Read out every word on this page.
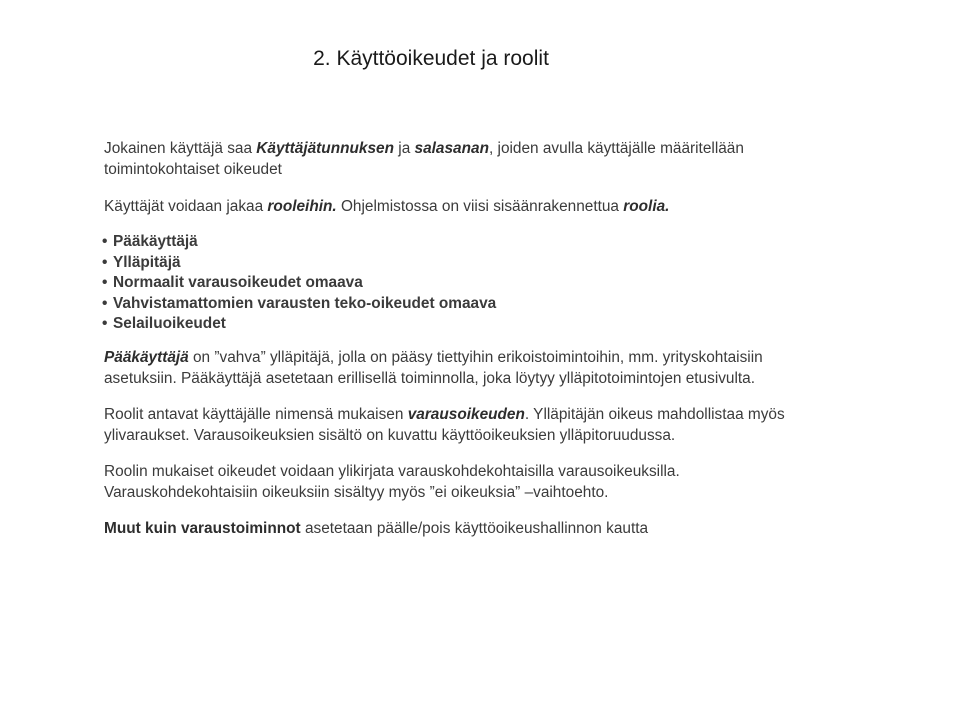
2. Käyttöoikeudet ja roolit
Jokainen käyttäjä saa Käyttäjätunnuksen ja salasanan, joiden avulla käyttäjälle määritellään
toimintokohtaiset oikeudet
Käyttäjät voidaan jakaa rooleihin. Ohjelmistossa on viisi sisäänrakennettua roolia.
• Pääkäyttäjä
• Ylläpitäjä
• Normaalit varausoikeudet omaava
• Vahvistamattomien varausten teko-oikeudet omaava
• Selailuoikeudet
Pääkäyttäjä on ”vahva” ylläpitäjä, jolla on pääsy tiettyihin erikoistoimintoihin, mm. yrityskohtaisiin
asetuksiin. Pääkäyttäjä asetetaan erillisellä toiminnolla, joka löytyy ylläpitotoimintojen etusivulta.
Roolit antavat käyttäjälle nimensä mukaisen varausoikeuden. Ylläpitäjän oikeus mahdollistaa myös
ylivaraukset. Varausoikeuksien sisältö on kuvattu käyttöoikeuksien ylläpitoruudussa.
Roolin mukaiset oikeudet voidaan ylikirjata varauskohdekohtaisilla varausoikeuksilla.
Varauskohdekohtaisiin oikeuksiin sisältyy myös ”ei oikeuksia” –vaihtoehto.
Muut kuin varaustoiminnot asetetaan päälle/pois käyttöoikeushallinnon kautta
